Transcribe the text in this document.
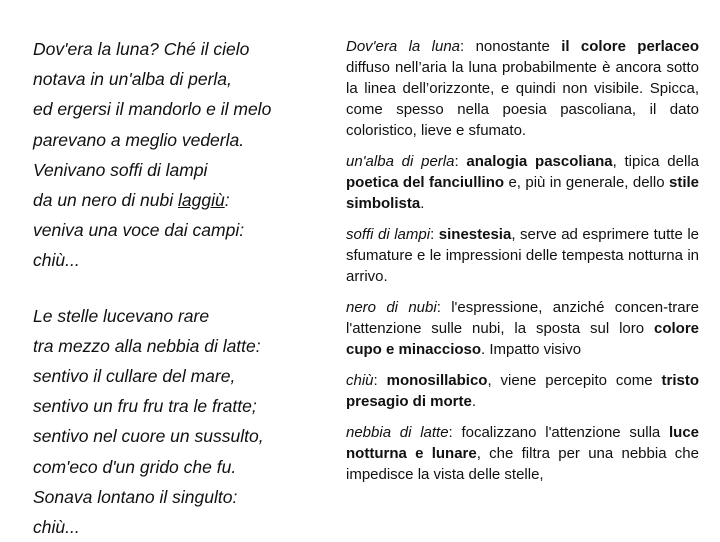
Dov'era la luna? Ché il cielo
notava in un'alba di perla,
ed ergersi il mandorlo e il melo
parevano a meglio vederla.
Venivano soffi di lampi
da un nero di nubi laggiù:
veniva una voce dai campi:
chiù...
Le stelle lucevano rare
tra mezzo alla nebbia di latte:
sentivo il cullare del mare,
sentivo un fru fru tra le fratte;
sentivo nel cuore un sussulto,
com'eco d'un grido che fu.
Sonava lontano il singulto:
chiù...

Dov'era la luna: nonostante il colore perlaceo diffuso nell’aria la luna probabilmente è ancora sotto la linea dell’orizzonte, e quindi non visibile. Spicca, come spesso nella poesia pascoliana, il dato coloristico, lieve e sfumato.

un'alba di perla: analogia pascoliana, tipica della poetica del fanciullino e, più in generale, dello stile simbolista.

soffi di lampi: sinestesia, serve ad esprimere tutte le sfumature e le impressioni delle tempesta notturna in arrivo.

nero di nubi: l'espressione, anziché concen-trare l'attenzione sulle nubi, la sposta sul loro colore cupo e minaccioso. Impatto visivo

chiù: monosillabico, viene percepito come tristo presagio di morte.

nebbia di latte: focalizzano l'attenzione sulla luce notturna e lunare, che filtra per una nebbia che impedisce la vista delle stelle,
